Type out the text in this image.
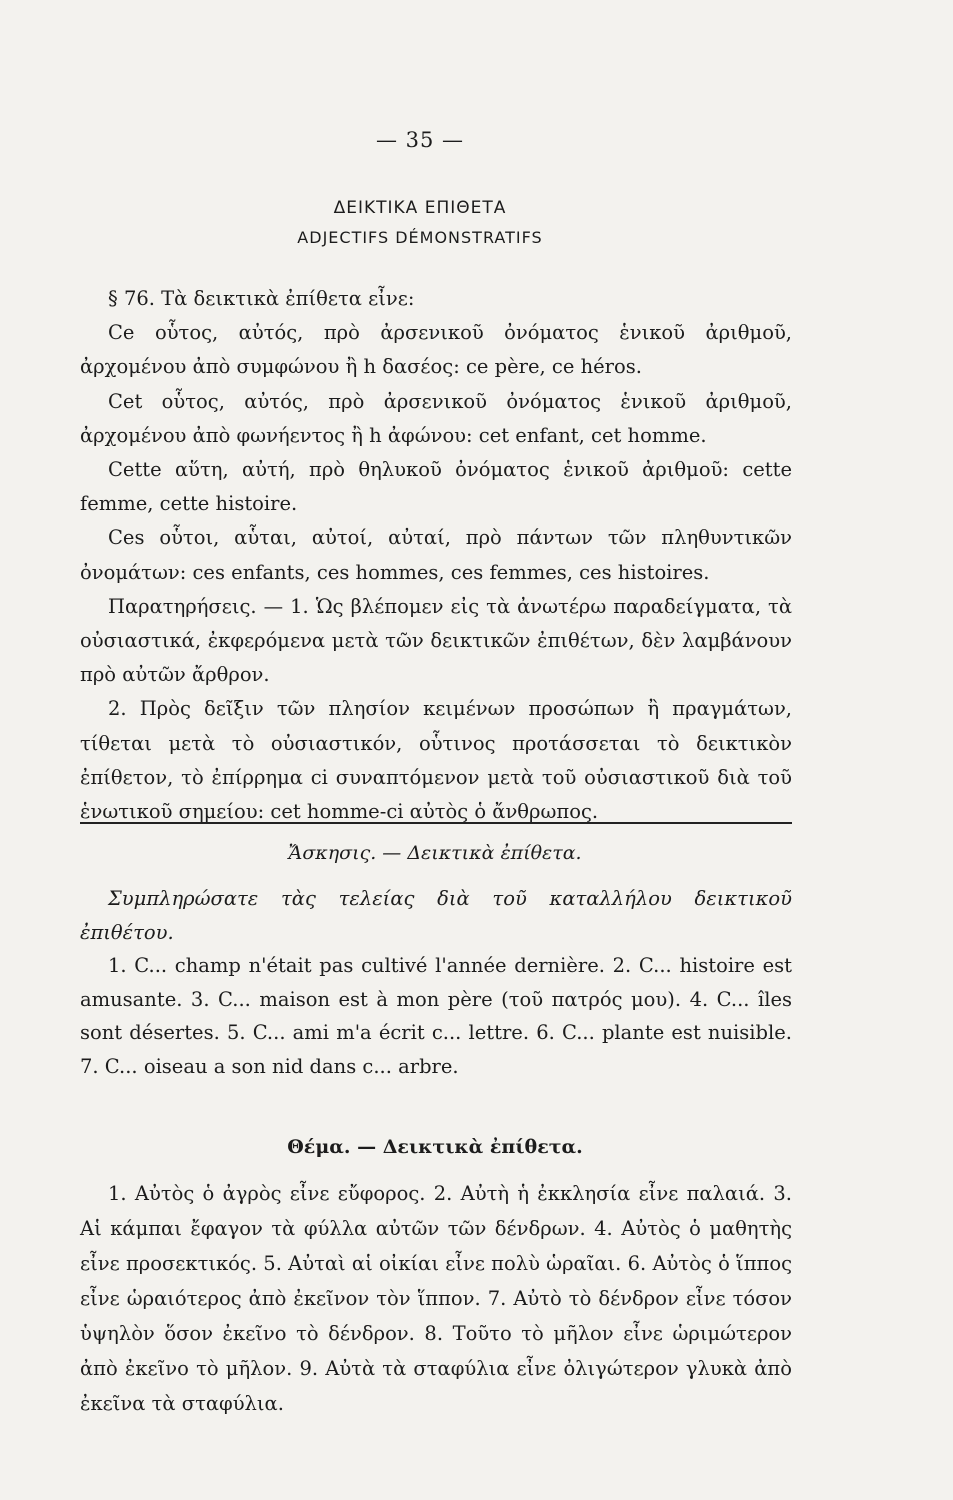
— 35 —
ΔΕΙΚΤΙΚΑ ΕΠΙΘΕΤΑ
ADJECTIFS DÉMONSTRATIFS

§ 76. Τὰ δεικτικὰ ἐπίθετα εἶνε:

Ce οὗτος, αὐτός, πρὸ ἀρσενικοῦ ὀνόματος ἑνικοῦ ἀριθμοῦ, ἀρχομένου ἀπὸ συμφώνου ἢ h δασέος: ce père, ce héros.

Cet οὗτος, αὐτός, πρὸ ἀρσενικοῦ ὀνόματος ἑνικοῦ ἀριθμοῦ, ἀρχομένου ἀπὸ φωνήεντος ἢ h ἀφώνου: cet enfant, cet homme.

Cette αὕτη, αὐτή, πρὸ θηλυκοῦ ὀνόματος ἑνικοῦ ἀριθμοῦ: cette femme, cette histoire.

Ces οὗτοι, αὗται, αὐτοί, αὐταί, πρὸ πάντων τῶν πληθυντικῶν ὀνομάτων: ces enfants, ces hommes, ces femmes, ces histoires.

Παρατηρήσεις. — 1. Ὡς βλέπομεν εἰς τὰ ἀνωτέρω παραδείγματα, τὰ οὐσιαστικά, ἐκφερόμενα μετὰ τῶν δεικτικῶν ἐπιθέτων, δὲν λαμβάνουν πρὸ αὐτῶν ἄρθρον.

2. Πρὸς δεῖξιν τῶν πλησίον κειμένων προσώπων ἢ πραγμάτων, τίθεται μετὰ τὸ οὐσιαστικόν, οὗτινος προτάσσεται τὸ δεικτικὸν ἐπίθετον, τὸ ἐπίρρημα ci συναπτόμενον μετὰ τοῦ οὐσιαστικοῦ διὰ τοῦ ἑνωτικοῦ σημείου: cet homme-ci αὐτὸς ὁ ἄνθρωπος.

Ἄσκησις. — Δεικτικὰ ἐπίθετα.

Συμπληρώσατε τὰς τελείας διὰ τοῦ καταλλήλου δεικτικοῦ ἐπιθέτου.

1. C... champ n'était pas cultivé l'année dernière. 2. C... histoire est amusante. 3. C... maison est à mon père (τοῦ πατρός μου). 4. C... îles sont désertes. 5. C... ami m'a écrit c... lettre. 6. C... plante est nuisible. 7. C... oiseau a son nid dans c... arbre.

Θέμα. — Δεικτικὰ ἐπίθετα.

1. Αὐτὸς ὁ ἀγρὸς εἶνε εὔφορος. 2. Αὐτὴ ἡ ἐκκλησία εἶνε παλαιά. 3. Αἱ κάμπαι ἔφαγον τὰ φύλλα αὐτῶν τῶν δένδρων. 4. Αὐτὸς ὁ μαθητὴς εἶνε προσεκτικός. 5. Αὐταὶ αἱ οἰκίαι εἶνε πολὺ ὡραῖαι. 6. Αὐτὸς ὁ ἵππος εἶνε ὡραιότερος ἀπὸ ἐκεῖνον τὸν ἵππον. 7. Αὐτὸ τὸ δένδρον εἶνε τόσον ὑψηλὸν ὅσον ἐκεῖνο τὸ δένδρον. 8. Τοῦτο τὸ μῆλον εἶνε ὡριμώτερον ἀπὸ ἐκεῖνο τὸ μῆλον. 9. Αὐτὰ τὰ σταφύλια εἶνε ὀλιγώτερον γλυκὰ ἀπὸ ἐκεῖνα τὰ σταφύλια.
